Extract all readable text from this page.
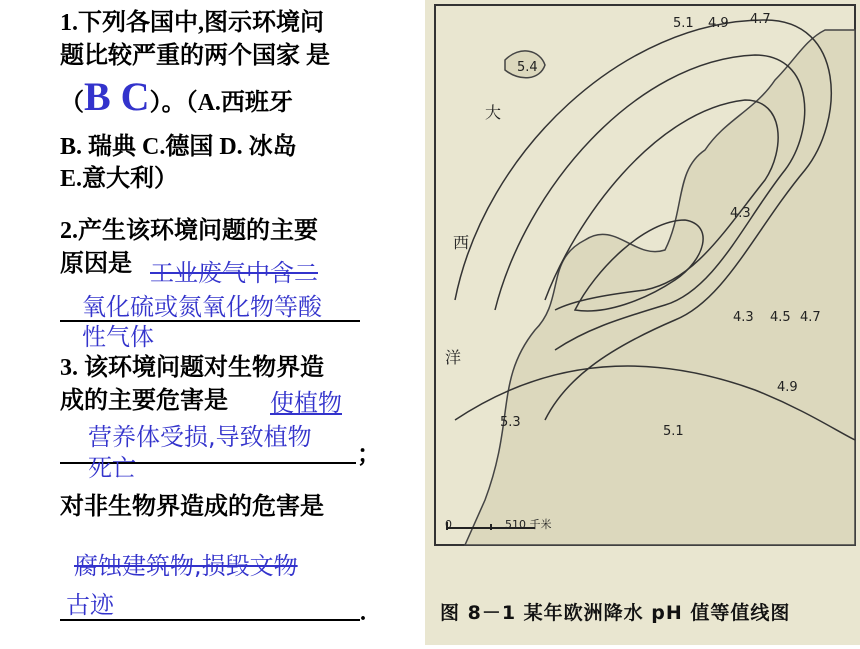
1.下列各国中,图示环境问
题比较严重的两个国家 是
（B C）。（A.西班牙
B. 瑞典 C.德国 D. 冰岛
E.意大利）
2.产生该环境问题的主要
原因是 工业废气中含二
氧化硫或氮氧化物等酸
性气体
3. 该环境问题对生物界造
成的主要危害是 使植物
营养体受损,导致植物
；
死亡
对非生物界造成的危害是
腐蚀建筑物,损毁文物
古迹	.
5.1 4.9 4.7
5.4
4.3
4.3 4.5 4.7
4.9
5.3
5.1
大
西
洋
0	510 千米
图 8－1 某年欧洲降水 pH 值等值线图
